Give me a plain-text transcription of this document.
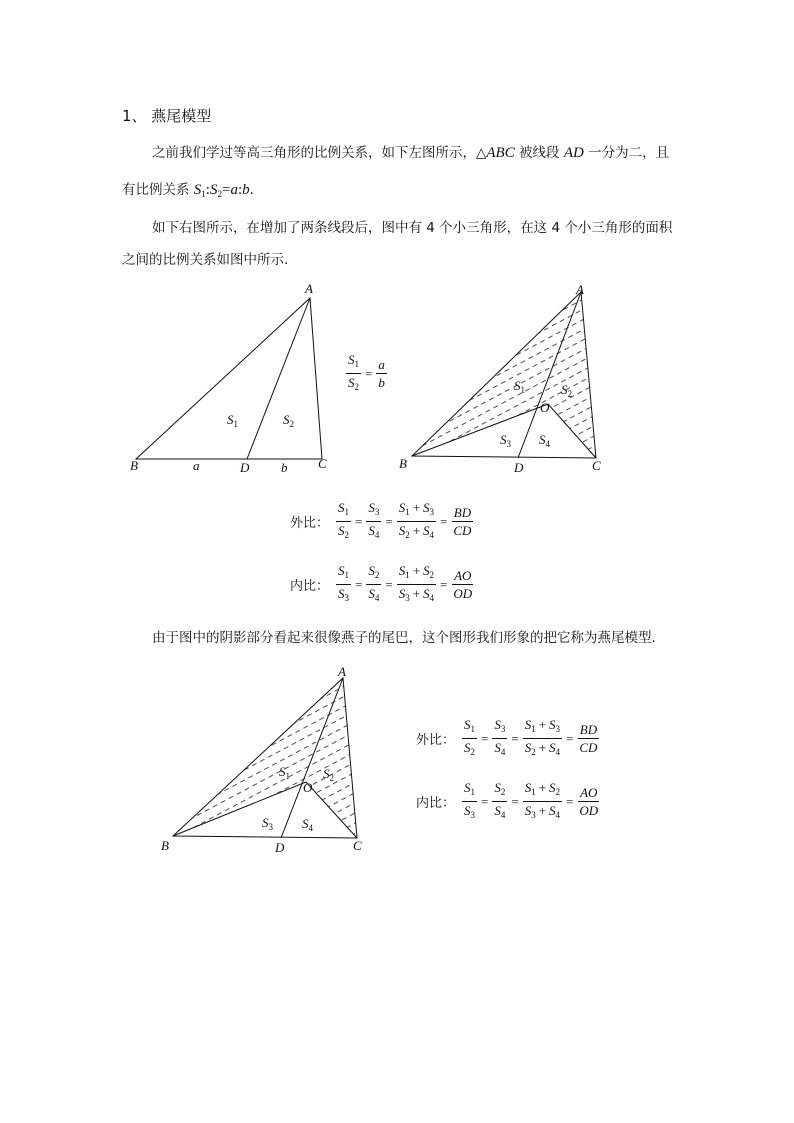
1、 燕尾模型
之前我们学过等高三角形的比例关系，如下左图所示，△ABC 被线段 AD 一分为二，且
有比例关系 $S_1:S_2=a:b$.
如下右图所示，在增加了两条线段后，图中有 4 个小三角形，在这 4 个小三角形的面积
之间的比例关系如图中所示.
A
B	C
D
a	b
$S_1$	$S_2$
$\frac{S_1}{S_2} = \frac{a}{b}$
A
B	C
D
O
$S_1$	$S_2$
$S_3$ $S_4$
外比： $\frac{S_1}{S_2} = \frac{S_3}{S_4} = \frac{S_1 + S_3}{S_2 + S_4} = \frac{BD}{CD}$
内比： $\frac{S_1}{S_3} = \frac{S_2}{S_4} = \frac{S_1 + S_2}{S_3 + S_4} = \frac{AO}{OD}$
由于图中的阴影部分看起来很像燕子的尾巴，这个图形我们形象的把它称为燕尾模型.
A
B	C
D
O
$S_1$	$S_2$
$S_3$ $S_4$
外比： $\frac{S_1}{S_2} = \frac{S_3}{S_4} = \frac{S_1 + S_3}{S_2 + S_4} = \frac{BD}{CD}$
内比： $\frac{S_1}{S_3} = \frac{S_2}{S_4} = \frac{S_1 + S_2}{S_3 + S_4} = \frac{AO}{OD}$
